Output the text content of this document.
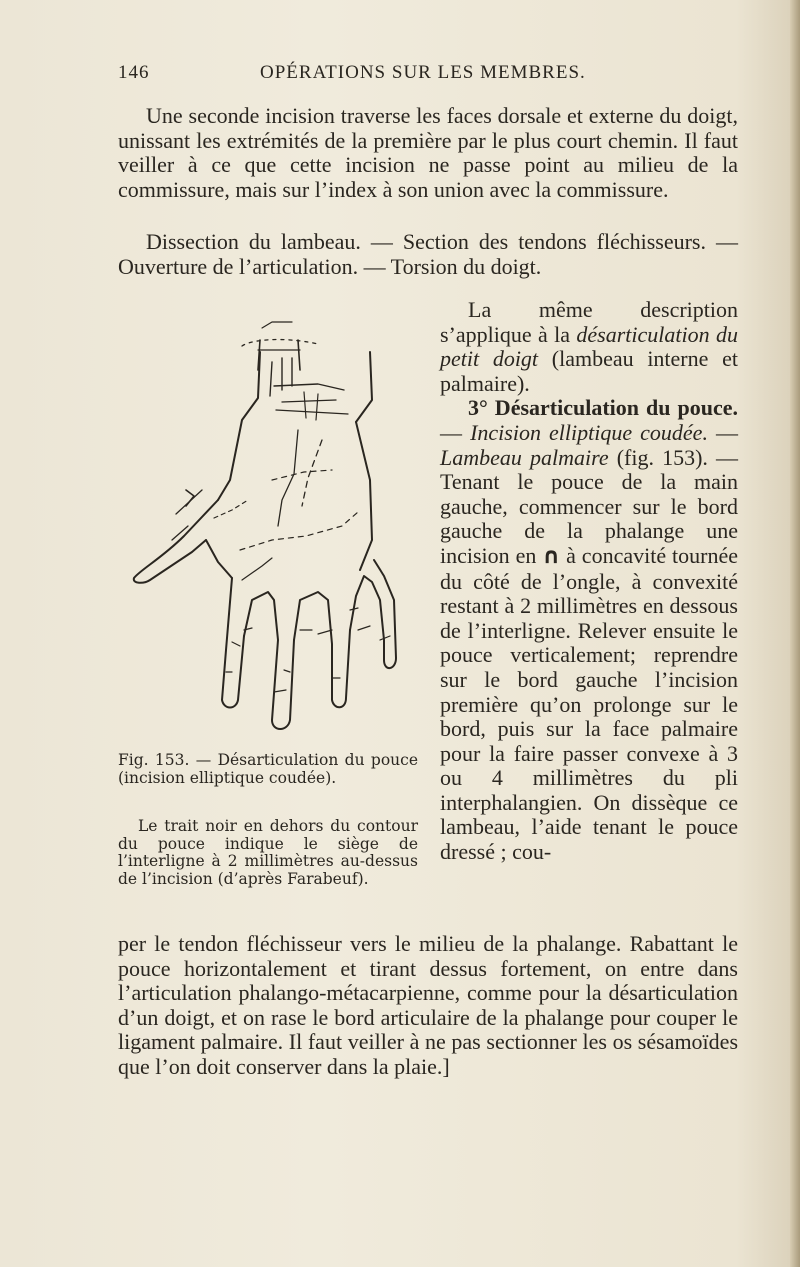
146	OPÉRATIONS SUR LES MEMBRES.

Une seconde incision traverse les faces dorsale et externe du doigt, unissant les extrémités de la première par le plus court chemin. Il faut veiller à ce que cette incision ne passe point au milieu de la commissure, mais sur l’index à son union avec la commissure.

Dissection du lambeau. — Section des tendons fléchisseurs. — Ouverture de l’articulation. — Torsion du doigt.

Fig. 153. — Désarticulation du pouce (incision elliptique coudée).

Le trait noir en dehors du contour du pouce indique le siège de l’interligne à 2 millimètres au-dessus de l’incision (d’après Farabeuf).

La même description s’applique à la désarticulation du petit doigt (lambeau interne et palmaire).

3° Désarticulation du pouce. — Incision elliptique coudée. — Lambeau palmaire (fig. 153). — Tenant le pouce de la main gauche, commencer sur le bord gauche de la phalange une incision en ∩ à concavité tournée du côté de l’ongle, à convexité restant à 2 millimètres en dessous de l’interligne. Relever ensuite le pouce verticalement; reprendre sur le bord gauche l’incision première qu’on prolonge sur le bord, puis sur la face palmaire pour la faire passer convexe à 3 ou 4 millimètres du pli interphalangien. On dissèque ce lambeau, l’aide tenant le pouce dressé ; cou-

per le tendon fléchisseur vers le milieu de la phalange. Rabattant le pouce horizontalement et tirant dessus fortement, on entre dans l’articulation phalango-métacarpienne, comme pour la désarticulation d’un doigt, et on rase le bord articulaire de la phalange pour couper le ligament palmaire. Il faut veiller à ne pas sectionner les os sésamoïdes que l’on doit conserver dans la plaie.]
